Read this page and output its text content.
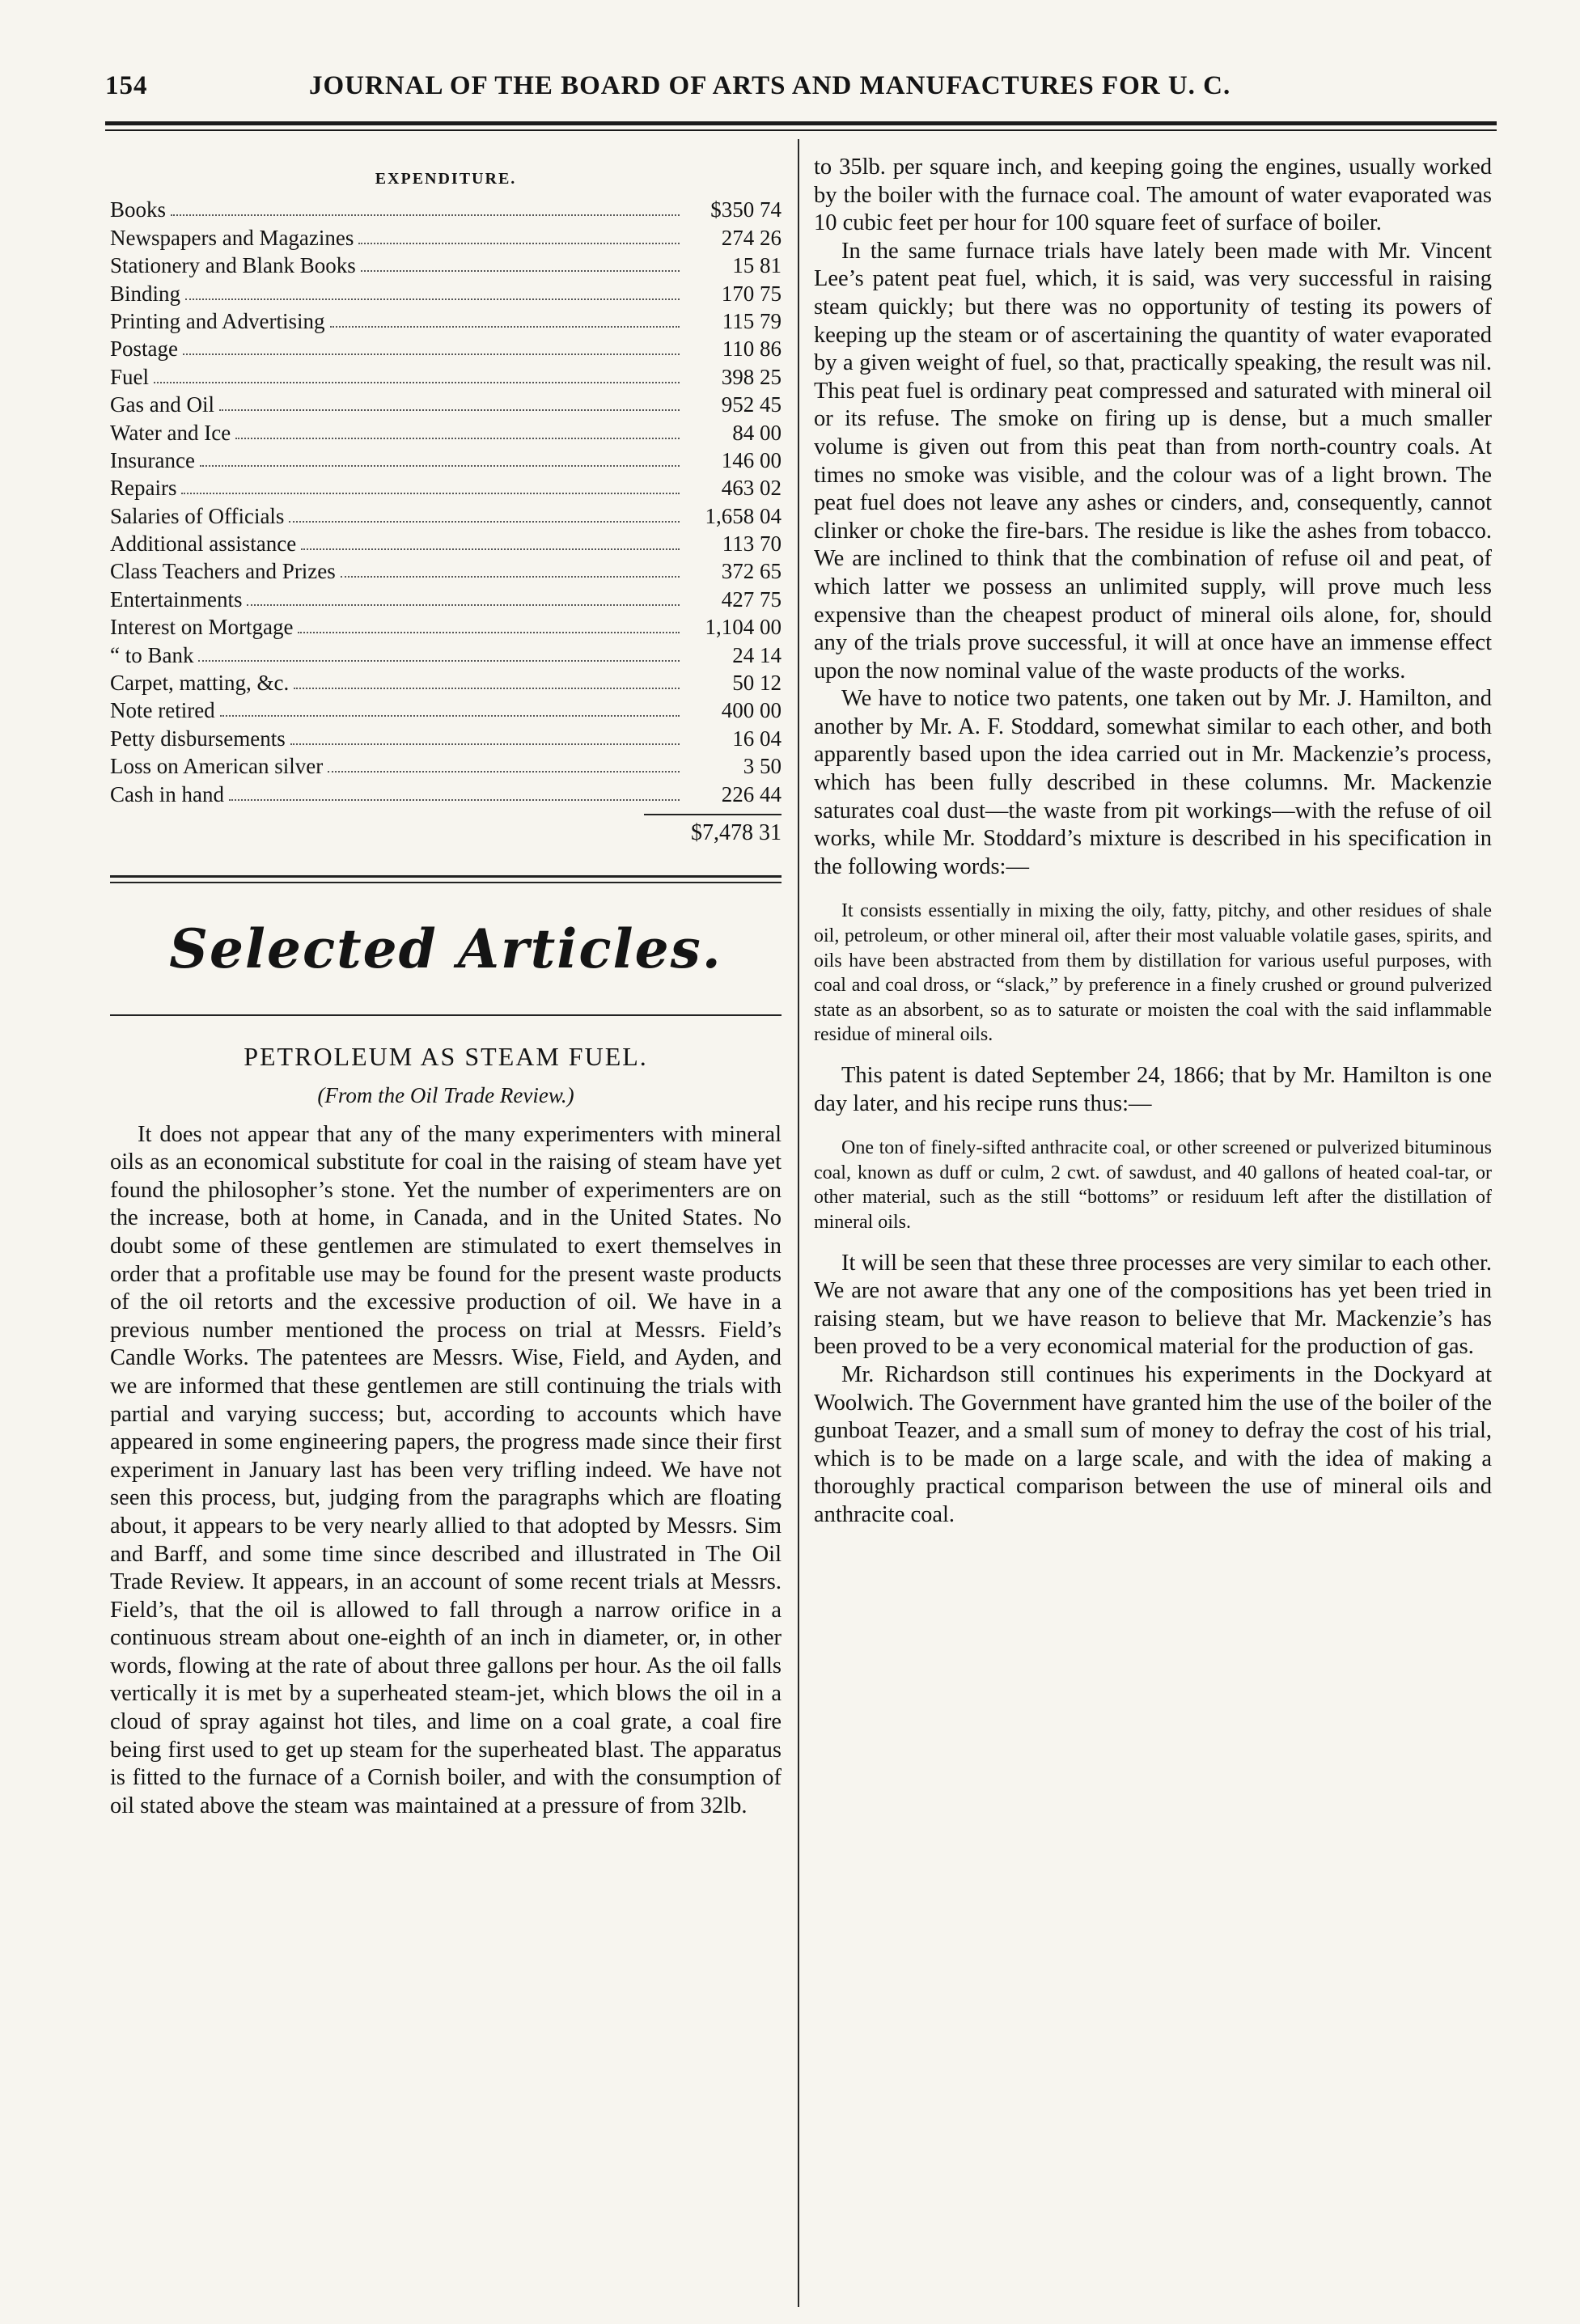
154	JOURNAL OF THE BOARD OF ARTS AND MANUFACTURES FOR U. C.
EXPENDITURE.
Books	$350 74
Newspapers and Magazines	274 26
Stationery and Blank Books	15 81
Binding	170 75
Printing and Advertising	115 79
Postage	110 86
Fuel	398 25
Gas and Oil	952 45
Water and Ice	84 00
Insurance	146 00
Repairs	463 02
Salaries of Officials	1,658 04
Additional assistance	113 70
Class Teachers and Prizes	372 65
Entertainments	427 75
Interest on Mortgage	1,104 00
“ to Bank	24 14
Carpet, matting, &c.	50 12
Note retired	400 00
Petty disbursements	16 04
Loss on American silver	3 50
Cash in hand	226 44
$7,478 31
Selected Articles.
PETROLEUM AS STEAM FUEL.
(From the Oil Trade Review.)

It does not appear that any of the many experimenters with mineral oils as an economical substitute for coal in the raising of steam have yet found the philosopher’s stone. Yet the number of experimenters are on the increase, both at home, in Canada, and in the United States. No doubt some of these gentlemen are stimulated to exert themselves in order that a profitable use may be found for the present waste products of the oil retorts and the excessive production of oil. We have in a previous number mentioned the process on trial at Messrs. Field’s Candle Works. The patentees are Messrs. Wise, Field, and Ayden, and we are informed that these gentlemen are still continuing the trials with partial and varying success; but, according to accounts which have appeared in some engineering papers, the progress made since their first experiment in January last has been very trifling indeed. We have not seen this process, but, judging from the paragraphs which are floating about, it appears to be very nearly allied to that adopted by Messrs. Sim and Barff, and some time since described and illustrated in The Oil Trade Review. It appears, in an account of some recent trials at Messrs. Field’s, that the oil is allowed to fall through a narrow orifice in a continuous stream about one-eighth of an inch in diameter, or, in other words, flowing at the rate of about three gallons per hour. As the oil falls vertically it is met by a superheated steam-jet, which blows the oil in a cloud of spray against hot tiles, and lime on a coal grate, a coal fire being first used to get up steam for the superheated blast. The apparatus is fitted to the furnace of a Cornish boiler, and with the consumption of oil stated above the steam was maintained at a pressure of from 32lb.

to 35lb. per square inch, and keeping going the engines, usually worked by the boiler with the furnace coal. The amount of water evaporated was 10 cubic feet per hour for 100 square feet of surface of boiler.

In the same furnace trials have lately been made with Mr. Vincent Lee’s patent peat fuel, which, it is said, was very successful in raising steam quickly; but there was no opportunity of testing its powers of keeping up the steam or of ascertaining the quantity of water evaporated by a given weight of fuel, so that, practically speaking, the result was nil. This peat fuel is ordinary peat compressed and saturated with mineral oil or its refuse. The smoke on firing up is dense, but a much smaller volume is given out from this peat than from north-country coals. At times no smoke was visible, and the colour was of a light brown. The peat fuel does not leave any ashes or cinders, and, consequently, cannot clinker or choke the fire-bars. The residue is like the ashes from tobacco. We are inclined to think that the combination of refuse oil and peat, of which latter we possess an unlimited supply, will prove much less expensive than the cheapest product of mineral oils alone, for, should any of the trials prove successful, it will at once have an immense effect upon the now nominal value of the waste products of the works.

We have to notice two patents, one taken out by Mr. J. Hamilton, and another by Mr. A. F. Stoddard, somewhat similar to each other, and both apparently based upon the idea carried out in Mr. Mackenzie’s process, which has been fully described in these columns. Mr. Mackenzie saturates coal dust—the waste from pit workings—with the refuse of oil works, while Mr. Stoddard’s mixture is described in his specification in the following words:—

It consists essentially in mixing the oily, fatty, pitchy, and other residues of shale oil, petroleum, or other mineral oil, after their most valuable volatile gases, spirits, and oils have been abstracted from them by distillation for various useful purposes, with coal and coal dross, or “slack,” by preference in a finely crushed or ground pulverized state as an absorbent, so as to saturate or moisten the coal with the said inflammable residue of mineral oils.

This patent is dated September 24, 1866; that by Mr. Hamilton is one day later, and his recipe runs thus:—

One ton of finely-sifted anthracite coal, or other screened or pulverized bituminous coal, known as duff or culm, 2 cwt. of sawdust, and 40 gallons of heated coal-tar, or other material, such as the still “bottoms” or residuum left after the distillation of mineral oils.

It will be seen that these three processes are very similar to each other. We are not aware that any one of the compositions has yet been tried in raising steam, but we have reason to believe that Mr. Mackenzie’s has been proved to be a very economical material for the production of gas.

Mr. Richardson still continues his experiments in the Dockyard at Woolwich. The Government have granted him the use of the boiler of the gunboat Teazer, and a small sum of money to defray the cost of his trial, which is to be made on a large scale, and with the idea of making a thoroughly practical comparison between the use of mineral oils and anthracite coal.
